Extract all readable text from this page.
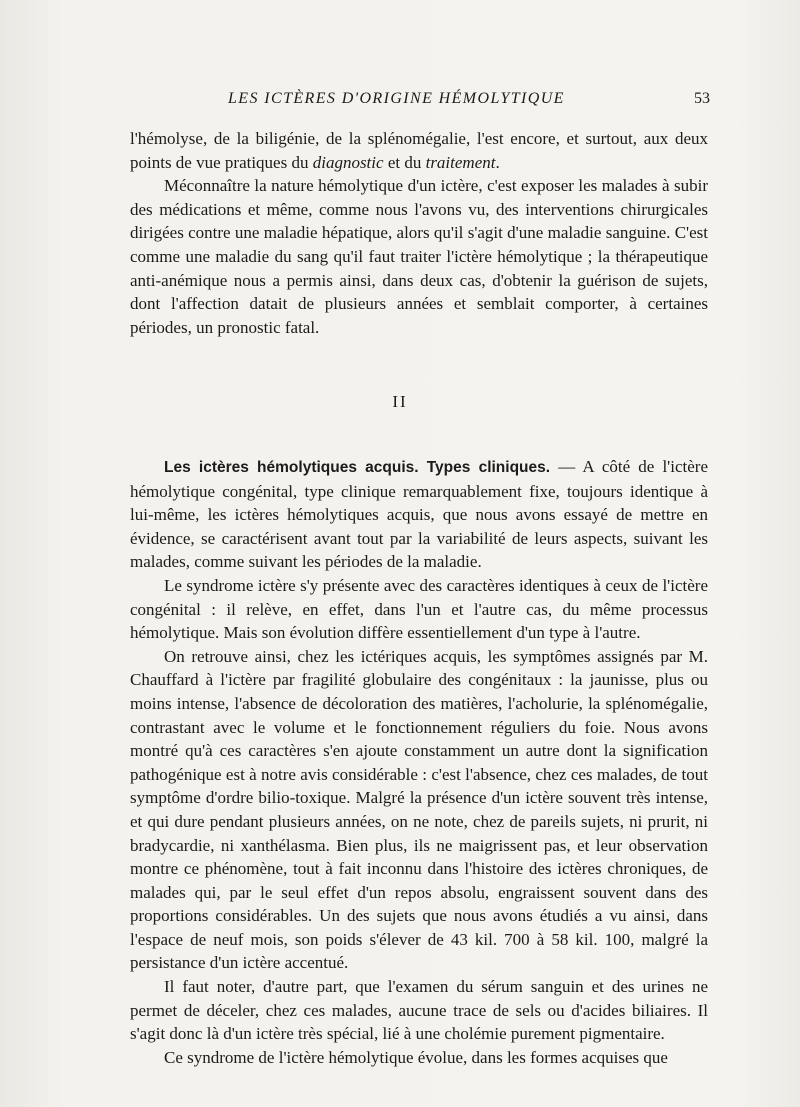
LES ICTÈRES D'ORIGINE HÉMOLYTIQUE	53

l'hémolyse, de la biligénie, de la splénomégalie, l'est encore, et surtout, aux deux points de vue pratiques du diagnostic et du traitement.

Méconnaître la nature hémolytique d'un ictère, c'est exposer les malades à subir des médications et même, comme nous l'avons vu, des interventions chirurgicales dirigées contre une maladie hépatique, alors qu'il s'agit d'une maladie sanguine. C'est comme une maladie du sang qu'il faut traiter l'ictère hémolytique ; la thérapeutique anti-anémique nous a permis ainsi, dans deux cas, d'obtenir la guérison de sujets, dont l'affection datait de plusieurs années et semblait comporter, à certaines périodes, un pronostic fatal.

II

Les ictères hémolytiques acquis. Types cliniques. — A côté de l'ictère hémolytique congénital, type clinique remarquablement fixe, toujours identique à lui-même, les ictères hémolytiques acquis, que nous avons essayé de mettre en évidence, se caractérisent avant tout par la variabilité de leurs aspects, suivant les malades, comme suivant les périodes de la maladie.

Le syndrome ictère s'y présente avec des caractères identiques à ceux de l'ictère congénital : il relève, en effet, dans l'un et l'autre cas, du même processus hémolytique. Mais son évolution diffère essentiellement d'un type à l'autre.

On retrouve ainsi, chez les ictériques acquis, les symptômes assignés par M. Chauffard à l'ictère par fragilité globulaire des congénitaux : la jaunisse, plus ou moins intense, l'absence de décoloration des matières, l'acholurie, la splénomégalie, contrastant avec le volume et le fonctionnement réguliers du foie. Nous avons montré qu'à ces caractères s'en ajoute constamment un autre dont la signification pathogénique est à notre avis considérable : c'est l'absence, chez ces malades, de tout symptôme d'ordre bilio-toxique. Malgré la présence d'un ictère souvent très intense, et qui dure pendant plusieurs années, on ne note, chez de pareils sujets, ni prurit, ni bradycardie, ni xanthélasma. Bien plus, ils ne maigrissent pas, et leur observation montre ce phénomène, tout à fait inconnu dans l'histoire des ictères chroniques, de malades qui, par le seul effet d'un repos absolu, engraissent souvent dans des proportions considérables. Un des sujets que nous avons étudiés a vu ainsi, dans l'espace de neuf mois, son poids s'élever de 43 kil. 700 à 58 kil. 100, malgré la persistance d'un ictère accentué.

Il faut noter, d'autre part, que l'examen du sérum sanguin et des urines ne permet de déceler, chez ces malades, aucune trace de sels ou d'acides biliaires. Il s'agit donc là d'un ictère très spécial, lié à une cholémie purement pigmentaire.

Ce syndrome de l'ictère hémolytique évolue, dans les formes acquises que
